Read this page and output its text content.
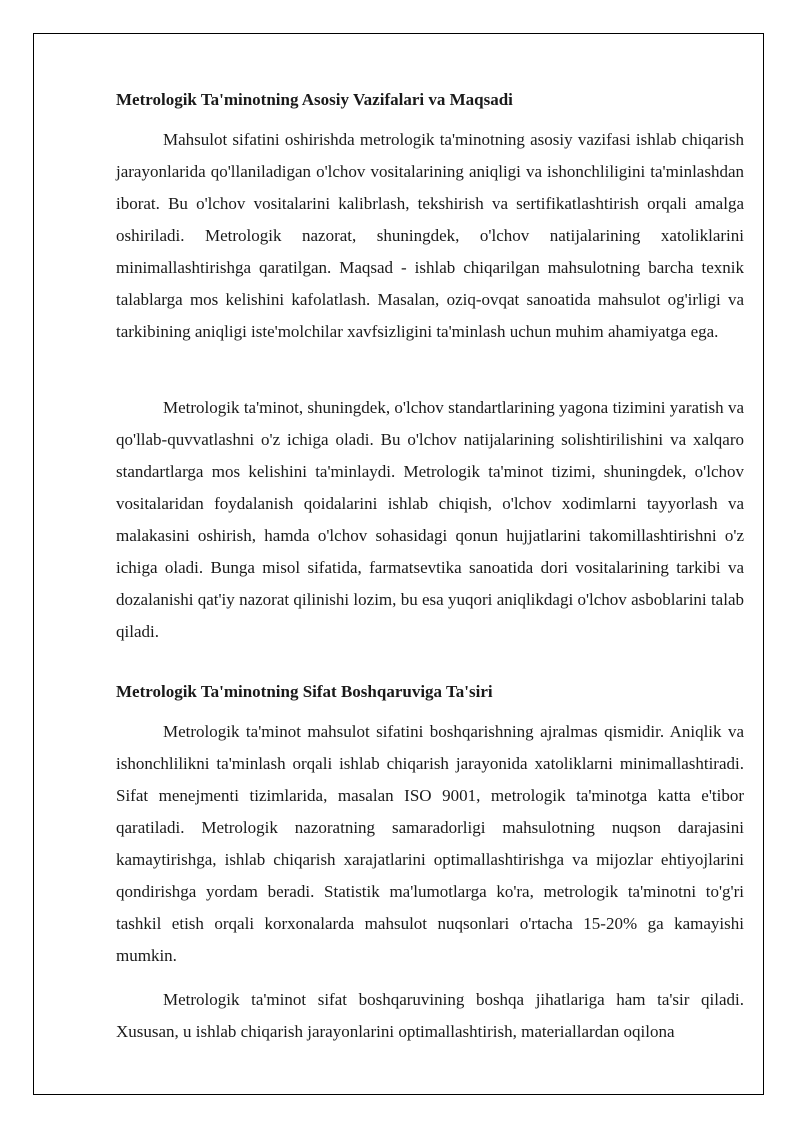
Metrologik Ta'minotning Asosiy Vazifalari va Maqsadi

Mahsulot sifatini oshirishda metrologik ta'minotning asosiy vazifasi ishlab chiqarish jarayonlarida qo'llaniladigan o'lchov vositalarining aniqligi va ishonchliligini ta'minlashdan iborat. Bu o'lchov vositalarini kalibrlash, tekshirish va sertifikatlashtirish orqali amalga oshiriladi. Metrologik nazorat, shuningdek, o'lchov natijalarining xatoliklarini minimallashtirishga qaratilgan. Maqsad - ishlab chiqarilgan mahsulotning barcha texnik talablarga mos kelishini kafolatlash. Masalan, oziq-ovqat sanoatida mahsulot og'irligi va tarkibining aniqligi iste'molchilar xavfsizligini ta'minlash uchun muhim ahamiyatga ega.

Metrologik ta'minot, shuningdek, o'lchov standartlarining yagona tizimini yaratish va qo'llab-quvvatlashni o'z ichiga oladi. Bu o'lchov natijalarining solishtirilishini va xalqaro standartlarga mos kelishini ta'minlaydi. Metrologik ta'minot tizimi, shuningdek, o'lchov vositalaridan foydalanish qoidalarini ishlab chiqish, o'lchov xodimlarni tayyorlash va malakasini oshirish, hamda o'lchov sohasidagi qonun hujjatlarini takomillashtirishni o'z ichiga oladi. Bunga misol sifatida, farmatsevtika sanoatida dori vositalarining tarkibi va dozalanishi qat'iy nazorat qilinishi lozim, bu esa yuqori aniqlikdagi o'lchov asboblarini talab qiladi.

Metrologik Ta'minotning Sifat Boshqaruviga Ta'siri

Metrologik ta'minot mahsulot sifatini boshqarishning ajralmas qismidir. Aniqlik va ishonchlilikni ta'minlash orqali ishlab chiqarish jarayonida xatoliklarni minimallashtiradi. Sifat menejmenti tizimlarida, masalan ISO 9001, metrologik ta'minotga katta e'tibor qaratiladi. Metrologik nazoratning samaradorligi mahsulotning nuqson darajasini kamaytirishga, ishlab chiqarish xarajatlarini optimallashtirishga va mijozlar ehtiyojlarini qondirishga yordam beradi. Statistik ma'lumotlarga ko'ra, metrologik ta'minotni to'g'ri tashkil etish orqali korxonalarda mahsulot nuqsonlari o'rtacha 15-20% ga kamayishi mumkin.

Metrologik ta'minot sifat boshqaruvining boshqa jihatlariga ham ta'sir qiladi. Xususan, u ishlab chiqarish jarayonlarini optimallashtirish, materiallardan oqilona
